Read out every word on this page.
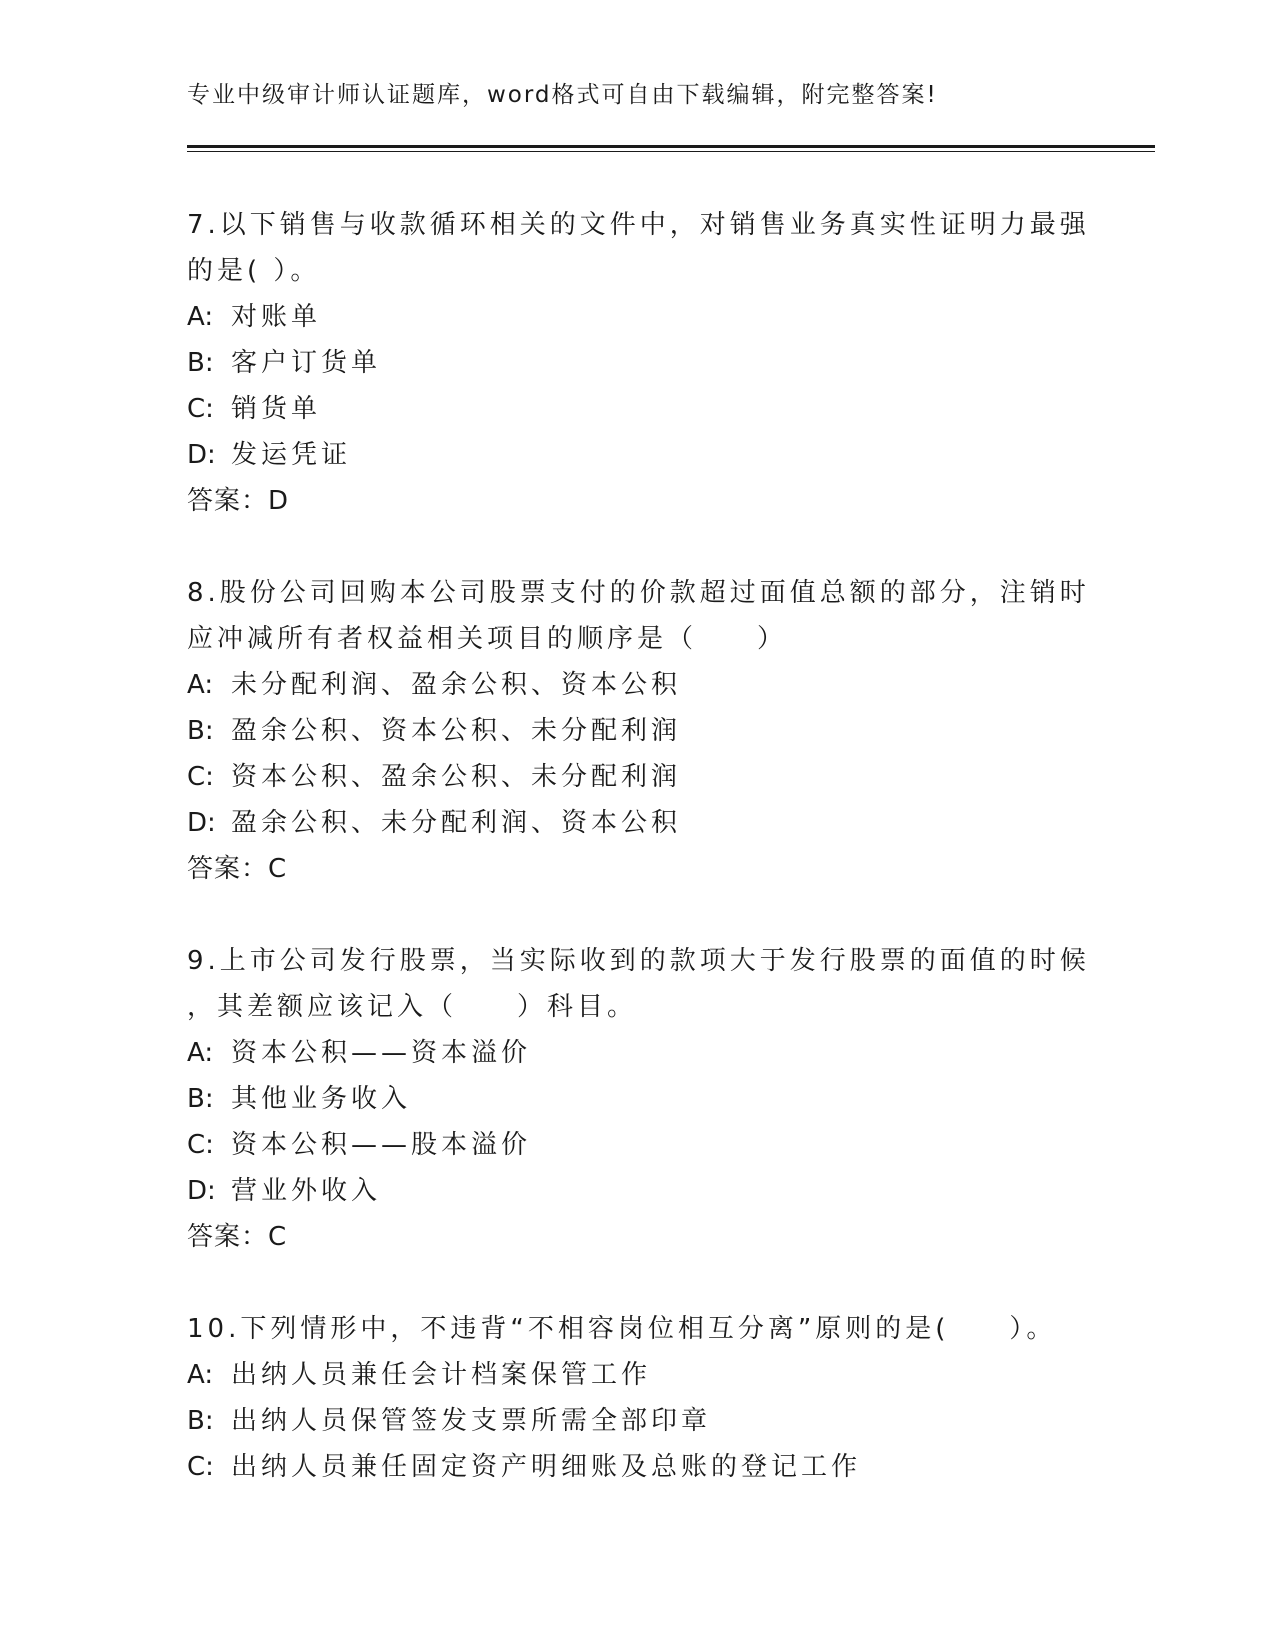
专业中级审计师认证题库，word格式可自由下载编辑，附完整答案!
7.以下销售与收款循环相关的文件中，对销售业务真实性证明力最强
的是( ）。
A: 对账单
B: 客户订货单
C: 销货单
D: 发运凭证
答案：D
8.股份公司回购本公司股票支付的价款超过面值总额的部分，注销时
应冲减所有者权益相关项目的顺序是（　　）
A: 未分配利润、盈余公积、资本公积
B: 盈余公积、资本公积、未分配利润
C: 资本公积、盈余公积、未分配利润
D: 盈余公积、未分配利润、资本公积
答案：C
9.上市公司发行股票，当实际收到的款项大于发行股票的面值的时候
，其差额应该记入（　　）科目。
A: 资本公积——资本溢价
B: 其他业务收入
C: 资本公积——股本溢价
D: 营业外收入
答案：C
10.下列情形中，不违背“不相容岗位相互分离”原则的是(　　）。
A: 出纳人员兼任会计档案保管工作
B: 出纳人员保管签发支票所需全部印章
C: 出纳人员兼任固定资产明细账及总账的登记工作
